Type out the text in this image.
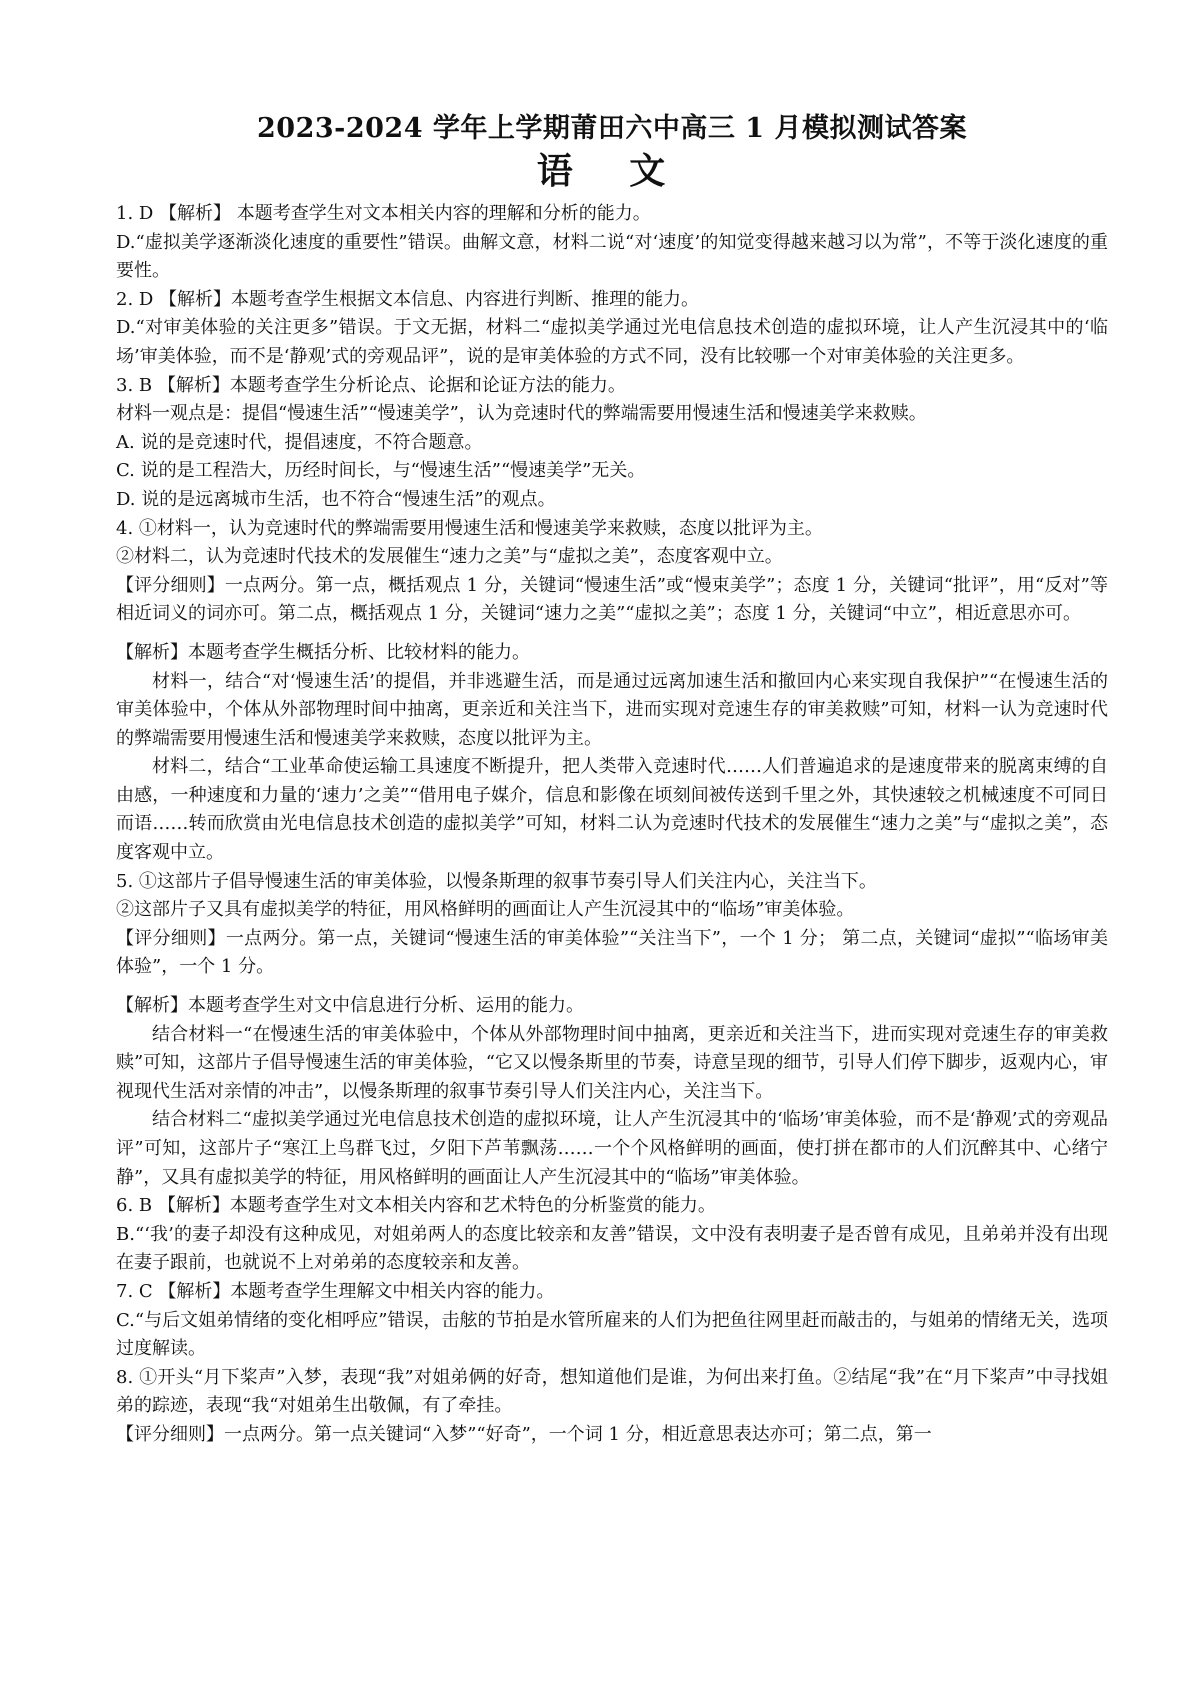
2023-2024 学年上学期莆田六中高三 1 月模拟测试答案
语 文

1. D 【解析】 本题考查学生对文本相关内容的理解和分析的能力。

D.“虚拟美学逐渐淡化速度的重要性”错误。曲解文意，材料二说“对‘速度’的知觉变得越来越习以为常”，不等于淡化速度的重要性。

2. D 【解析】本题考查学生根据文本信息、内容进行判断、推理的能力。

D.“对审美体验的关注更多”错误。于文无据，材料二“虚拟美学通过光电信息技术创造的虚拟环境，让人产生沉浸其中的‘临场’审美体验，而不是‘静观’式的旁观品评”，说的是审美体验的方式不同，没有比较哪一个对审美体验的关注更多。

3. B 【解析】本题考查学生分析论点、论据和论证方法的能力。

材料一观点是：提倡“慢速生活”“慢速美学”，认为竞速时代的弊端需要用慢速生活和慢速美学来救赎。

A. 说的是竞速时代，提倡速度，不符合题意。

C. 说的是工程浩大，历经时间长，与“慢速生活”“慢速美学”无关。

D. 说的是远离城市生活，也不符合“慢速生活”的观点。

4. ①材料一，认为竞速时代的弊端需要用慢速生活和慢速美学来救赎，态度以批评为主。

②材料二，认为竞速时代技术的发展催生“速力之美”与“虚拟之美”，态度客观中立。

【评分细则】一点两分。第一点，概括观点 1 分，关键词“慢速生活”或“慢束美学”；态度 1 分，关键词“批评”，用“反对”等相近词义的词亦可。第二点，概括观点 1 分，关键词“速力之美”“虚拟之美”；态度 1 分，关键词“中立”，相近意思亦可。

【解析】本题考查学生概括分析、比较材料的能力。

材料一，结合“对‘慢速生活’的提倡，并非逃避生活，而是通过远离加速生活和撤回内心来实现自我保护”“在慢速生活的审美体验中，个体从外部物理时间中抽离，更亲近和关注当下，进而实现对竞速生存的审美救赎”可知，材料一认为竞速时代的弊端需要用慢速生活和慢速美学来救赎，态度以批评为主。

材料二，结合“工业革命使运输工具速度不断提升，把人类带入竞速时代……人们普遍追求的是速度带来的脱离束缚的自由感，一种速度和力量的‘速力’之美”“借用电子媒介，信息和影像在顷刻间被传送到千里之外，其快速较之机械速度不可同日而语……转而欣赏由光电信息技术创造的虚拟美学”可知，材料二认为竞速时代技术的发展催生“速力之美”与“虚拟之美”，态度客观中立。

5. ①这部片子倡导慢速生活的审美体验，以慢条斯理的叙事节奏引导人们关注内心，关注当下。

②这部片子又具有虚拟美学的特征，用风格鲜明的画面让人产生沉浸其中的“临场”审美体验。

【评分细则】一点两分。第一点，关键词“慢速生活的审美体验”“关注当下”，一个 1 分； 第二点，关键词“虚拟”“临场审美体验”，一个 1 分。

【解析】本题考查学生对文中信息进行分析、运用的能力。

结合材料一“在慢速生活的审美体验中，个体从外部物理时间中抽离，更亲近和关注当下，进而实现对竞速生存的审美救赎”可知，这部片子倡导慢速生活的审美体验，“它又以慢条斯里的节奏，诗意呈现的细节，引导人们停下脚步，返观内心，审视现代生活对亲情的冲击”，以慢条斯理的叙事节奏引导人们关注内心，关注当下。

结合材料二“虚拟美学通过光电信息技术创造的虚拟环境，让人产生沉浸其中的‘临场’审美体验，而不是‘静观’式的旁观品评”可知，这部片子“寒江上鸟群飞过，夕阳下芦苇飘荡……一个个风格鲜明的画面，使打拼在都市的人们沉醉其中、心绪宁静”，又具有虚拟美学的特征，用风格鲜明的画面让人产生沉浸其中的“临场”审美体验。

6. B 【解析】本题考查学生对文本相关内容和艺术特色的分析鉴赏的能力。

B.“‘我’的妻子却没有这种成见，对姐弟两人的态度比较亲和友善”错误，文中没有表明妻子是否曾有成见，且弟弟并没有出现在妻子跟前，也就说不上对弟弟的态度较亲和友善。

7. C 【解析】本题考查学生理解文中相关内容的能力。

C.“与后文姐弟情绪的变化相呼应”错误，击舷的节拍是水管所雇来的人们为把鱼往网里赶而敲击的，与姐弟的情绪无关，选项过度解读。

8. ①开头“月下桨声”入梦，表现“我”对姐弟俩的好奇，想知道他们是谁，为何出来打鱼。②结尾“我”在“月下桨声”中寻找姐弟的踪迹，表现“我“对姐弟生出敬佩，有了牵挂。

【评分细则】一点两分。第一点关键词“入梦”“好奇”，一个词 1 分，相近意思表达亦可；第二点，第一
